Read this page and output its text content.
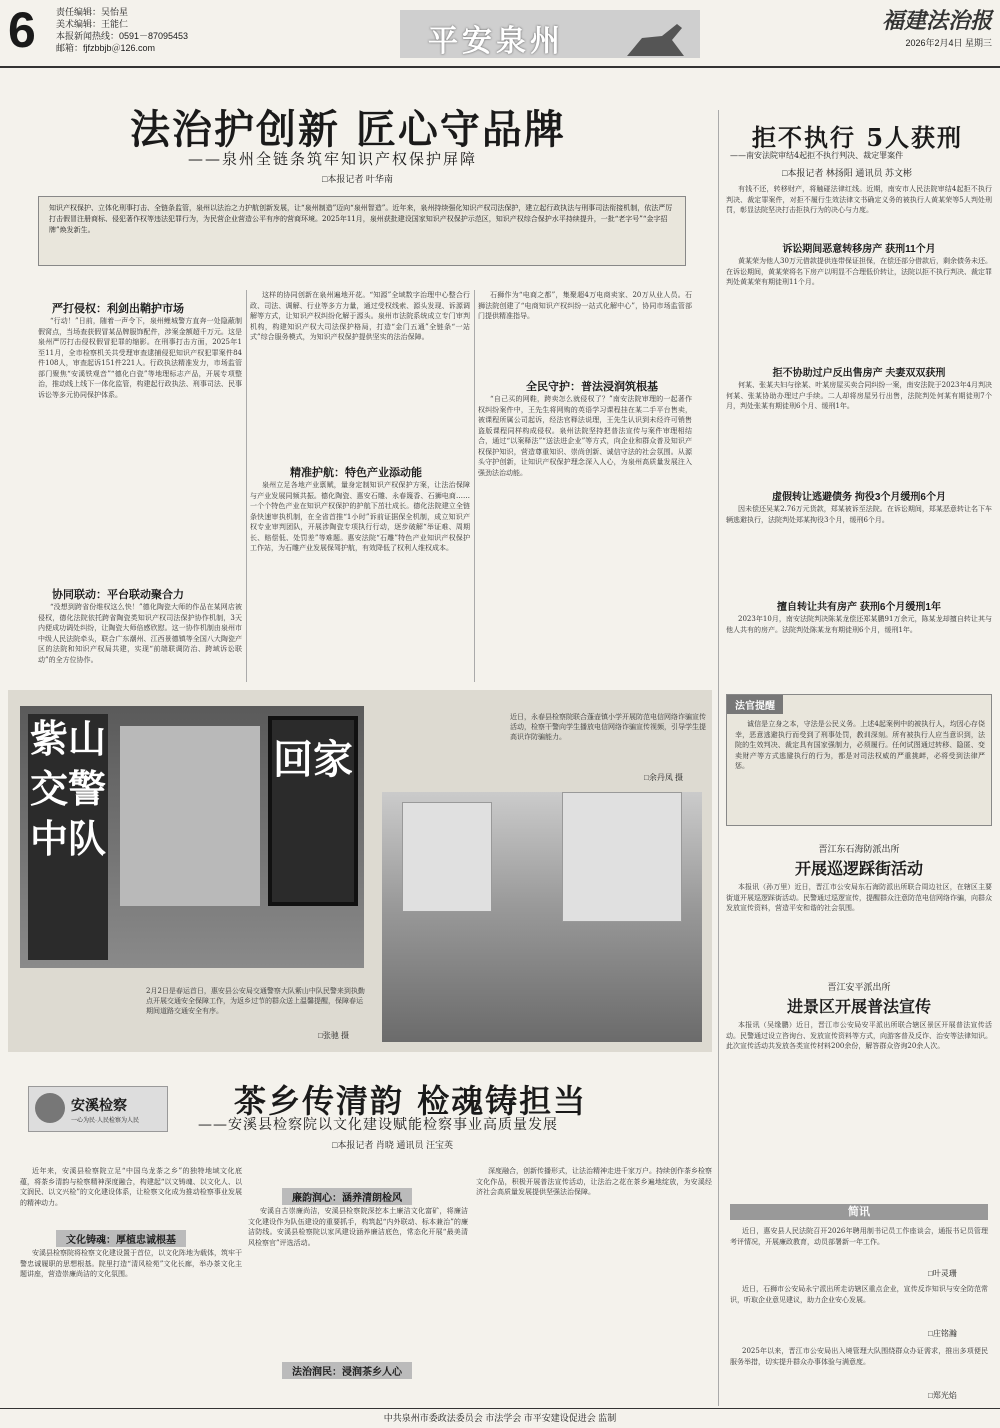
6 责任编辑：吴怡星
美术编辑：王能仁
本报新闻热线：0591－87095453
邮箱：fjfzbbjb＠126.com	平安泉州
福建法治报
2026年2月4日 星期三
法治护创新 匠心守品牌
——泉州全链条筑牢知识产权保护屏障
□本报记者 叶华南
知识产权保护、立体化刑事打击、全链条监管，泉州以法治之力护航创新发展，让“泉州制造”迈向“泉州智造”。近年来，泉州持续强化知识产权司法保护，建立起行政执法与刑事司法衔接机制，依法严厉打击假冒注册商标、侵犯著作权等违法犯罪行为，为民营企业营造公平有序的营商环境。2025年11月，泉州获批建设国家知识产权保护示范区，知识产权综合保护水平持续提升，一批“老字号”“金字招牌”焕发新生。
严打侵权：利剑出鞘护市场
“行动！”日前，随着一声令下，泉州鲤城警方直奔一处隐蔽制假窝点，当场查获假冒某品牌服饰配件，涉案金额超千万元。这是泉州严厉打击侵权假冒犯罪的缩影。在刑事打击方面，2025年1至11月，全市检察机关共受理审查逮捕侵犯知识产权犯罪案件84件108人，审查起诉151件221人。行政执法精准发力，市场监管部门聚焦“安溪铁观音”“德化白瓷”等地理标志产品，开展专项整治，推动线上线下一体化监管，构建起行政执法、刑事司法、民事诉讼等多元协同保护体系。
协同联动：平台联动聚合力
“没想到跨省份维权这么快！”德化陶瓷大师的作品在某网店被侵权，德化法院依托跨省陶瓷类知识产权司法保护协作机制，3天内便成功调处纠纷，让陶瓷大师倍感欣慰。这一协作机制由泉州市中级人民法院牵头，联合广东潮州、江西景德镇等全国八大陶瓷产区的法院和知识产权局共建，实现“前端联调防治、跨域诉讼联动”的全方位协作。
这样的协同创新在泉州遍地开花。“知源”全域数字治理中心整合行政、司法、调解、行业等多方力量，通过受权线索、源头发现、诉源调解等方式，让知识产权纠纷化解于源头。泉州市法院系统成立专门审判机构，构建知识产权大司法保护格局，打造“金门五通”全链条“一站式”综合服务模式，为知识产权保护提供坚实的法治保障。
精准护航：特色产业添动能
泉州立足各地产业禀赋，量身定制知识产权保护方案，让法治保障与产业发展同频共振。德化陶瓷、惠安石雕、永春篾香、石狮电商……一个个特色产业在知识产权保护的护航下茁壮成长。德化法院建立全链条快速审执机制，在全省首推“1小时”诉前证据保全机制，成立知识产权专业审判团队，开展涉陶瓷专项执行行动，逐步破解“举证难、周期长、赔偿低、处罚差”等难题。惠安法院“石雕”特色产业知识产权保护工作站，为石雕产业发展保驾护航，有效降低了权利人维权成本。
石狮作为“电商之都”，集聚超4万电商卖家、20万从业人员。石狮法院创建了“电商知识产权纠纷一站式化解中心”，协同市场监管部门提供精准指导。
全民守护：普法浸润筑根基
“自己买的网鞋，跨卖怎么就侵权了？”南安法院审理的一起著作权纠纷案件中，王先生将网购的英语学习课程挂在某二手平台售卖，被课程所属公司起诉，经法官释法说理，王先生认识到未经许可销售盗版课程同样构成侵权。泉州法院坚持把普法宣传与案件审理相结合，通过“以案释法”“送法进企业”等方式，向企业和群众普及知识产权保护知识，营造尊重知识、崇尚创新、诚信守法的社会氛围。从源头守护创新，让知识产权保护理念深入人心，为泉州高质量发展注入强劲法治动能。
紫山交警中队
回家
近日，永春县检察院联合蓬壶镇小学开展防范电信网络诈骗宣传活动，检察干警向学生播放电信网络诈骗宣传视频，引导学生提高识诈防骗能力。
□余丹凤 摄
2月2日是春运首日，惠安县公安局交通警察大队紫山中队民警来到执勤点开展交通安全保障工作，为返乡过节的群众送上温馨提醒，保障春运期间道路交通安全有序。
□张驰 摄
安溪检察
一心为民·人民检察为人民
茶乡传清韵 检魂铸担当
——安溪县检察院以文化建设赋能检察事业高质量发展
□本报记者 肖晓 通讯员 汪宝英
近年来，安溪县检察院立足“中国乌龙茶之乡”的独特地域文化底蕴，将茶乡清韵与检察精神深度融合，构建起“以文铸魂、以文化人、以文润民、以文兴检”的文化建设体系，让检察文化成为推动检察事业发展的精神动力。
文化铸魂：厚植忠诚根基
安溪县检察院将检察文化建设置于首位，以文化阵地为载体，筑牢干警忠诚履职的思想根基。院里打造“清风检苑”文化长廊，举办茶文化主题讲座，营造崇廉尚洁的文化氛围。
廉韵润心：涵养清朗检风
安溪自古崇廉尚洁，安溪县检察院深挖本土廉洁文化富矿，将廉洁文化建设作为队伍建设的重要抓手，构筑起“内外联动、标本兼治”的廉洁防线。安溪县检察院以家风建设涵养廉洁底色，常态化开展“最美清风检察官”评选活动。
法治润民：浸润茶乡人心
深度融合，创新传播形式，让法治精神走进千家万户。持续创作茶乡检察文化作品，积极开展普法宣传活动，让法治之花在茶乡遍地绽放，为安溪经济社会高质量发展提供坚强法治保障。
拒不执行 5人获刑
——南安法院审结4起拒不执行判决、裁定罪案件
□本报记者 林扬阳 通讯员 苏文彬
有钱不还，转移财产，将触碰法律红线。近期，南安市人民法院审结4起拒不执行判决、裁定罪案件，对拒不履行生效法律文书确定义务的被执行人黄某荣等5人判处刑罚，彰显法院坚决打击拒执行为的决心与力度。
诉讼期间恶意转移房产 获刑11个月
黄某荣为他人30万元借款提供连带保证担保，在偿还部分借款后，剩余债务未还。在诉讼期间，黄某荣将名下房产以明显不合理低价转让，法院以拒不执行判决、裁定罪判处黄某荣有期徒刑11个月。
拒不协助过户反出售房产 夫妻双双获刑
何某、张某夫妇与徐某、叶某房屋买卖合同纠纷一案，南安法院于2023年4月判决何某、张某协助办理过户手续。二人却将房屋另行出售，法院判处何某有期徒刑7个月，判处张某有期徒刑6个月、缓刑1年。
虚假转让逃避债务 拘役3个月缓刑6个月
因未偿还吴某2.76万元货款，郑某被诉至法院。在诉讼期间，郑某恶意转让名下车辆逃避执行，法院判处郑某拘役3个月，缓刑6个月。
擅自转让共有房产 获刑6个月缓刑1年
2023年10月，南安法院判决陈某龙偿还郑某鹏91万余元，陈某龙却擅自转让其与他人共有的房产。法院判处陈某龙有期徒刑6个月，缓刑1年。
法官提醒
诚信是立身之本，守法是公民义务。上述4起案例中的被执行人，均因心存侥幸，恶意逃避执行而受到了刑事处罚，教训深刻。所有被执行人应当意识到，法院的生效判决、裁定具有国家强制力，必须履行。任何试图通过转移、隐匿、变卖财产等方式逃避执行的行为，都是对司法权威的严重挑衅，必将受到法律严惩。
晋江东石海防派出所
开展巡逻踩街活动
本报讯（孙万里）近日，晋江市公安局东石海防派出所联合周边社区，在辖区主要街道开展巡逻踩街活动。民警通过巡逻宣传，提醒群众注意防范电信网络诈骗，向群众发放宣传资料，营造平安和谐的社会氛围。
晋江安平派出所
进景区开展普法宣传
本报讯（吴缘鹏）近日，晋江市公安局安平派出所联合辖区景区开展普法宣传活动。民警通过设立咨询台、发放宣传资料等方式，向游客普及反诈、治安等法律知识。此次宣传活动共发放各类宣传材料200余份，解答群众咨询20余人次。
简讯
近日，惠安县人民法院召开2026年聘用制书记员工作座谈会，通报书记员管理考评情况，开展廉政教育，动员部署新一年工作。
□叶灵珊
近日，石狮市公安局永宁派出所走访辖区重点企业，宣传反诈知识与安全防范常识，听取企业意见建议，助力企业安心发展。
□庄铭瀚
2025年以来，晋江市公安局出入境管理大队围绕群众办证需求，推出多项便民服务举措，切实提升群众办事体验与满意度。
□郑光焰
中共泉州市委政法委员会 市法学会 市平安建设促进会 监制
